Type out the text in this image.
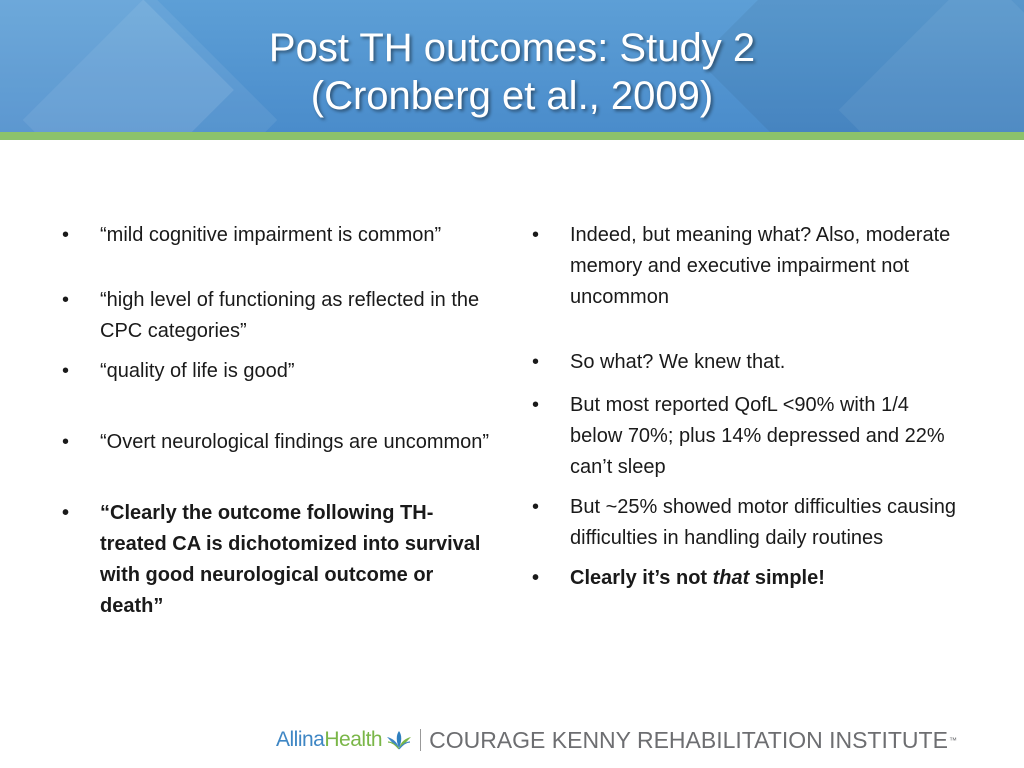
Post TH outcomes: Study 2
(Cronberg et al., 2009)
• “mild cognitive impairment is common”
• “high level of functioning as reflected in the CPC categories”
• “quality of life is good”
• “Overt neurological findings are uncommon”
• “Clearly the outcome following TH-treated CA is dichotomized into survival with good neurological outcome or death”
• Indeed, but meaning what? Also, moderate memory and executive impairment not uncommon
• So what? We knew that.
• But most reported QofL <90% with 1/4 below 70%; plus 14% depressed and 22% can’t sleep
• But ~25% showed motor difficulties causing difficulties in handling daily routines
• Clearly it’s not that simple!
Allina Health COURAGE KENNY REHABILITATION INSTITUTE ™
